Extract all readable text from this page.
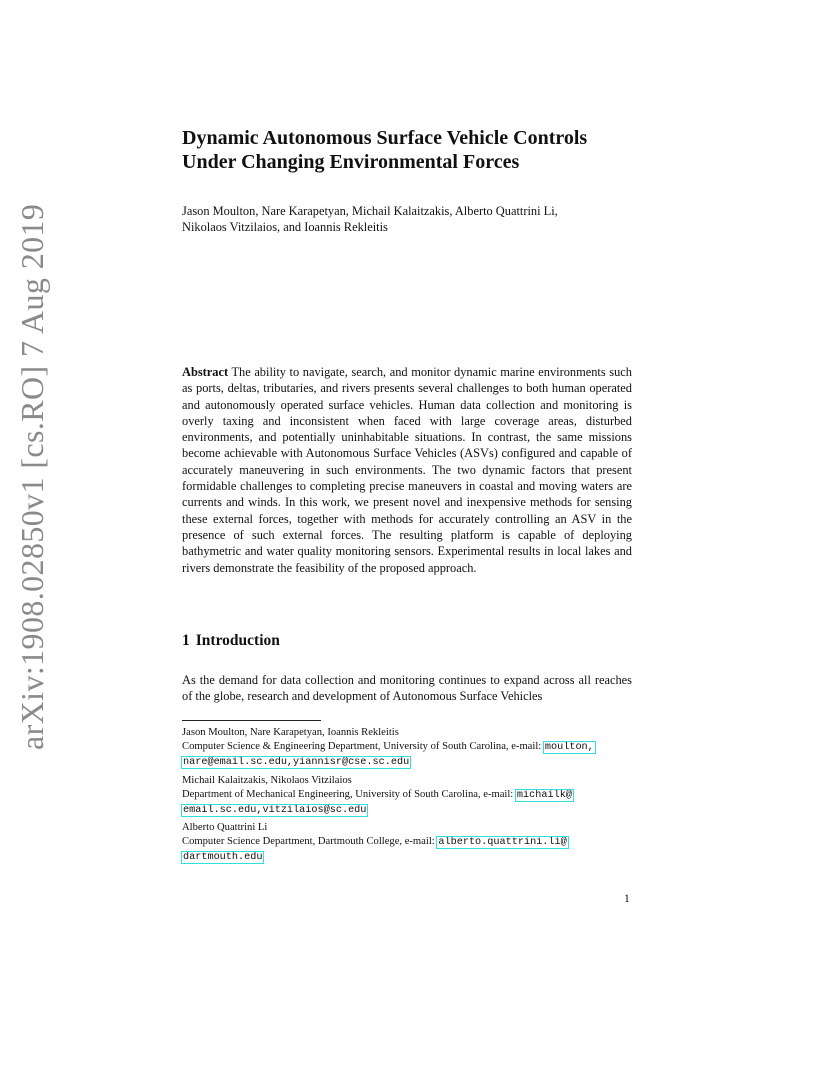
arXiv:1908.02850v1 [cs.RO] 7 Aug 2019
Dynamic Autonomous Surface Vehicle Controls
Under Changing Environmental Forces
Jason Moulton, Nare Karapetyan, Michail Kalaitzakis, Alberto Quattrini Li,
Nikolaos Vitzilaios, and Ioannis Rekleitis

Abstract The ability to navigate, search, and monitor dynamic marine environments such as ports, deltas, tributaries, and rivers presents several challenges to both human operated and autonomously operated surface vehicles. Human data collection and monitoring is overly taxing and inconsistent when faced with large coverage areas, disturbed environments, and potentially uninhabitable situations. In contrast, the same missions become achievable with Autonomous Surface Vehicles (ASVs) configured and capable of accurately maneuvering in such environments. The two dynamic factors that present formidable challenges to completing precise maneuvers in coastal and moving waters are currents and winds. In this work, we present novel and inexpensive methods for sensing these external forces, together with methods for accurately controlling an ASV in the presence of such external forces. The resulting platform is capable of deploying bathymetric and water quality monitoring sensors. Experimental results in local lakes and rivers demonstrate the feasibility of the proposed approach.

1 Introduction

As the demand for data collection and monitoring continues to expand across all reaches of the globe, research and development of Autonomous Surface Vehicles

Jason Moulton, Nare Karapetyan, Ioannis Rekleitis
Computer Science & Engineering Department, University of South Carolina, e-mail: moulton,
nare@email.sc.edu,yiannisr@cse.sc.edu
Michail Kalaitzakis, Nikolaos Vitzilaios
Department of Mechanical Engineering, University of South Carolina, e-mail: michailk@
email.sc.edu,vitzilaios@sc.edu
Alberto Quattrini Li
Computer Science Department, Dartmouth College, e-mail: alberto.quattrini.li@
dartmouth.edu
1
